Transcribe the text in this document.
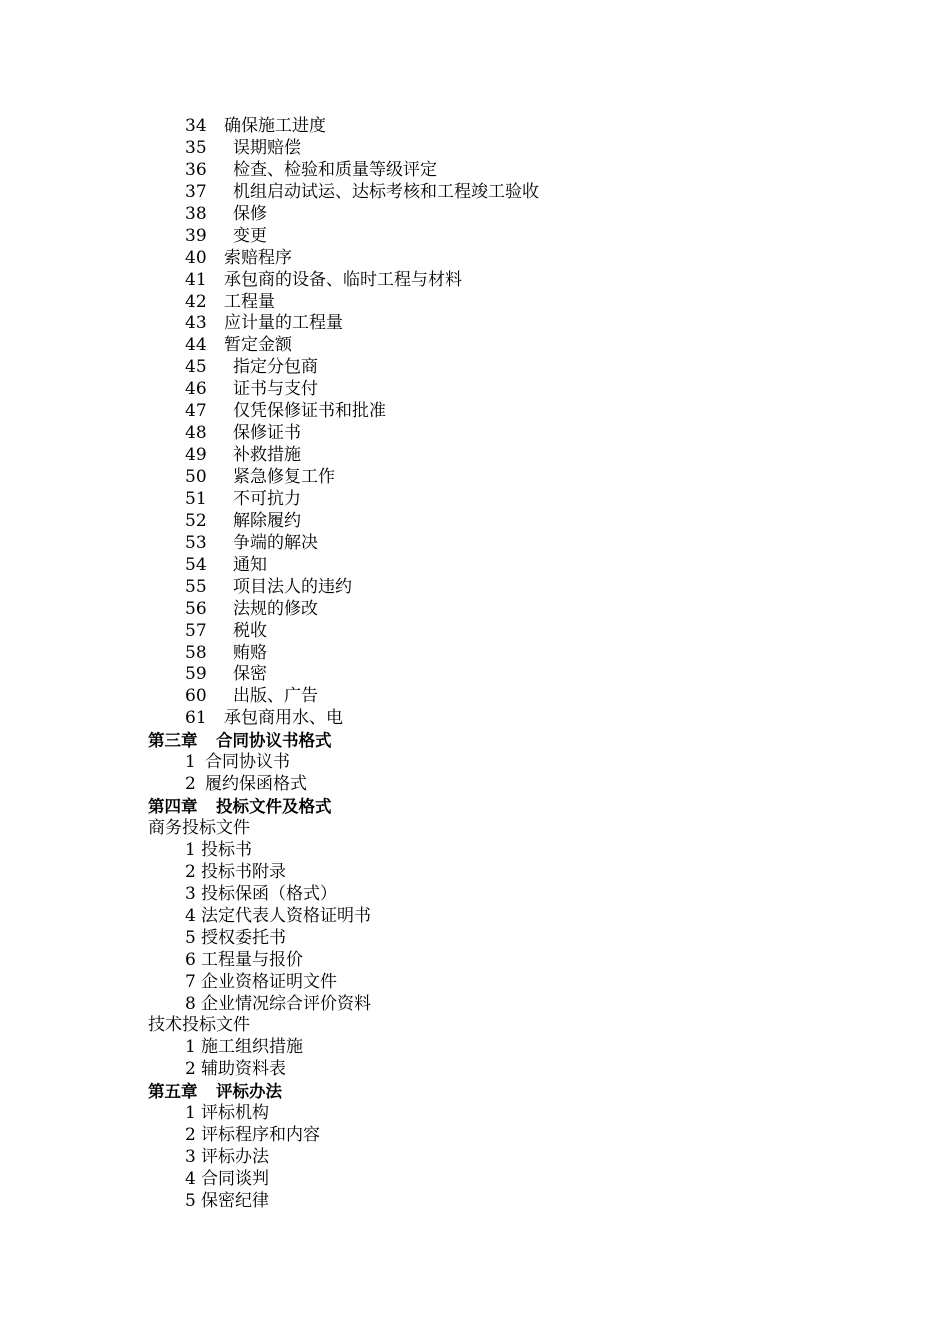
34 确保施工进度
35 误期赔偿
36 检查、检验和质量等级评定
37 机组启动试运、达标考核和工程竣工验收
38 保修
39 变更
40 索赔程序
41 承包商的设备、临时工程与材料
42 工程量
43 应计量的工程量
44 暂定金额
45 指定分包商
46 证书与支付
47 仅凭保修证书和批准
48 保修证书
49 补救措施
50 紧急修复工作
51 不可抗力
52 解除履约
53 争端的解决
54 通知
55 项目法人的违约
56 法规的修改
57 税收
58 贿赂
59 保密
60 出版、广告
61 承包商用水、电
第三章 合同协议书格式
1 合同协议书
2 履约保函格式
第四章 投标文件及格式
商务投标文件
1 投标书
2 投标书附录
3 投标保函（格式）
4 法定代表人资格证明书
5 授权委托书
6 工程量与报价
7 企业资格证明文件
8 企业情况综合评价资料
技术投标文件
1 施工组织措施
2 辅助资料表
第五章 评标办法
1 评标机构
2 评标程序和内容
3 评标办法
4 合同谈判
5 保密纪律
